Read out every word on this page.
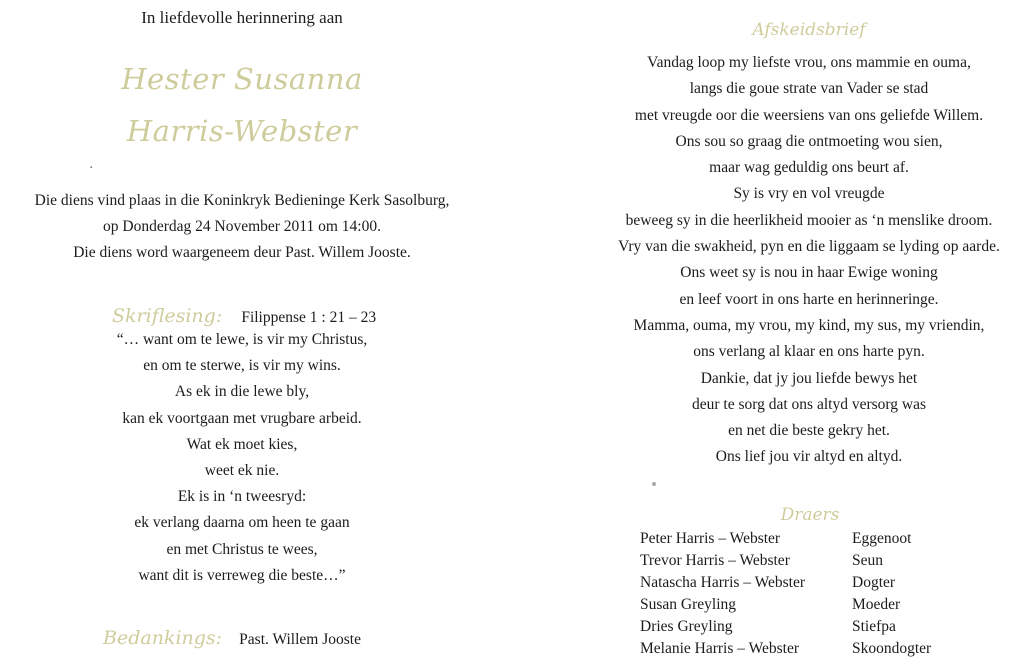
In liefdevolle herinnering aan
Hester Susanna
Harris-Webster
·
Die diens vind plaas in die Koninkryk Bedieninge Kerk Sasolburg,
op Donderdag 24 November 2011 om 14:00.
Die diens word waargeneem deur Past. Willem Jooste.
Skriflesing: Filippense 1 : 21 – 23
“… want om te lewe, is vir my Christus,
en om te sterwe, is vir my wins.
As ek in die lewe bly,
kan ek voortgaan met vrugbare arbeid.
Wat ek moet kies,
weet ek nie.
Ek is in ‘n tweesryd:
ek verlang daarna om heen te gaan
en met Christus te wees,
want dit is verreweg die beste…”
Bedankings: Past. Willem Jooste
Afskeidsbrief
Vandag loop my liefste vrou, ons mammie en ouma,
langs die goue strate van Vader se stad
met vreugde oor die weersiens van ons geliefde Willem.
Ons sou so graag die ontmoeting wou sien,
maar wag geduldig ons beurt af.
Sy is vry en vol vreugde
beweeg sy in die heerlikheid mooier as ‘n menslike droom.
Vry van die swakheid, pyn en die liggaam se lyding op aarde.
Ons weet sy is nou in haar Ewige woning
en leef voort in ons harte en herinneringe.
Mamma, ouma, my vrou, my kind, my sus, my vriendin,
ons verlang al klaar en ons harte pyn.
Dankie, dat jy jou liefde bewys het
deur te sorg dat ons altyd versorg was
en net die beste gekry het.
Ons lief jou vir altyd en altyd.
Draers
Peter Harris – Webster	Eggenoot
Trevor Harris – Webster	Seun
Natascha Harris – Webster	Dogter
Susan Greyling	Moeder
Dries Greyling	Stiefpa
Melanie Harris – Webster	Skoondogter
